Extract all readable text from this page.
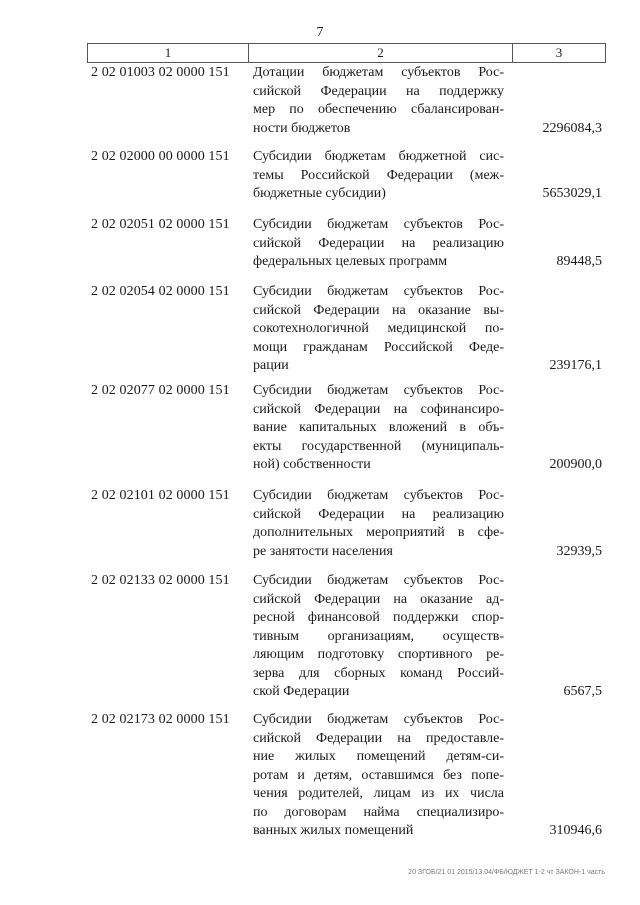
7
1	2	3
2 02 01003 02 0000 151	Дотации бюджетам субъектов Рос-
сийской Федерации на поддержку
мер по обеспечению сбалансирован-
ности бюджетов	2296084,3
2 02 02000 00 0000 151	Субсидии бюджетам бюджетной сис-
темы Российской Федерации (меж-
бюджетные субсидии)	5653029,1
2 02 02051 02 0000 151	Субсидии бюджетам субъектов Рос-
сийской Федерации на реализацию
федеральных целевых программ	89448,5
2 02 02054 02 0000 151	Субсидии бюджетам субъектов Рос-
сийской Федерации на оказание вы-
сокотехнологичной медицинской по-
мощи гражданам Российской Феде-
рации	239176,1
2 02 02077 02 0000 151	Субсидии бюджетам субъектов Рос-
сийской Федерации на софинансиро-
вание капитальных вложений в объ-
екты государственной (муниципаль-
ной) собственности	200900,0
2 02 02101 02 0000 151	Субсидии бюджетам субъектов Рос-
сийской Федерации на реализацию
дополнительных мероприятий в сфе-
ре занятости населения	32939,5
2 02 02133 02 0000 151	Субсидии бюджетам субъектов Рос-
сийской Федерации на оказание ад-
ресной финансовой поддержки спор-
тивным организациям, осуществ-
ляющим подготовку спортивного ре-
зерва для сборных команд Россий-
ской Федерации	6567,5
2 02 02173 02 0000 151	Субсидии бюджетам субъектов Рос-
сийской Федерации на предоставле-
ние жилых помещений детям-си-
ротам и детям, оставшимся без попе-
чения родителей, лицам из их числа
по договорам найма специализиро-
ванных жилых помещений	310946,6
20 ЗГОБ/21 01 2015/13.04/ФБ/ЮДЖЕТ 1-2 чт ЗАКОН-1 часть
